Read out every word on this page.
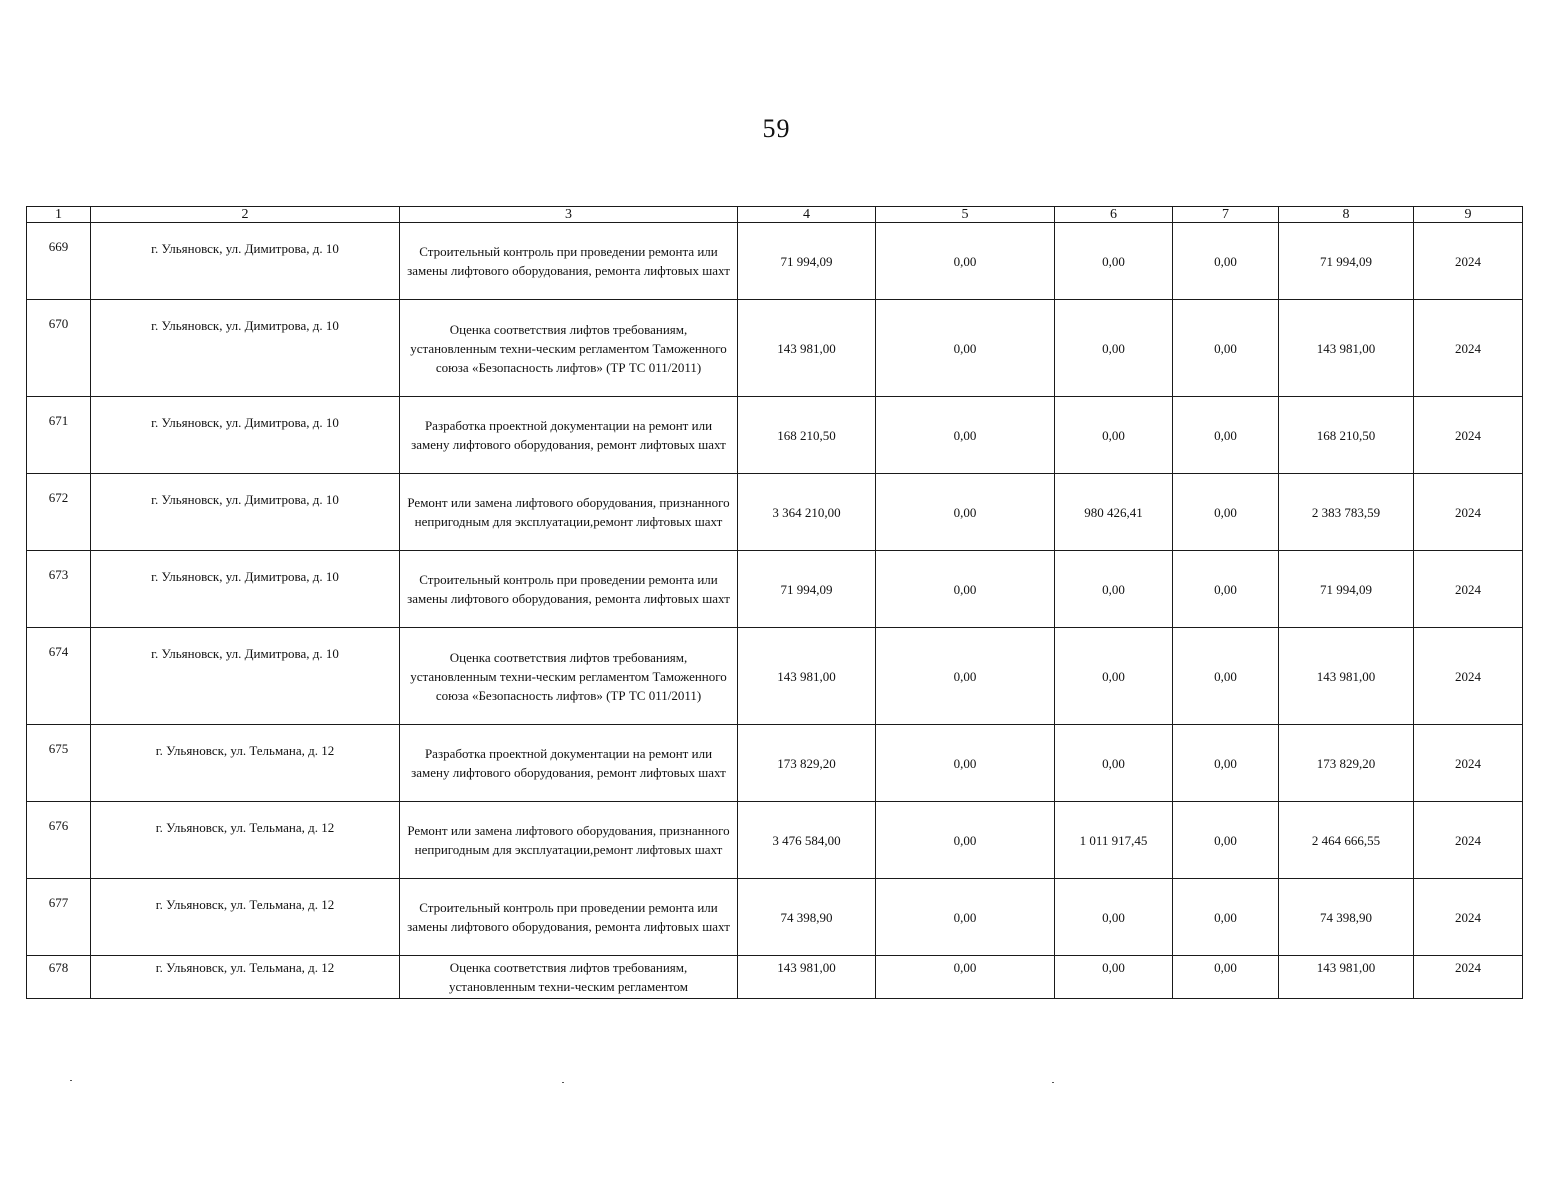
59
1	2	3	4	5	6	7	8	9
669	г. Ульяновск, ул. Димитрова, д. 10	Строительный контроль при проведении ремонта или замены лифтового оборудования, ремонта лифтовых шахт	71 994,09	0,00	0,00	0,00	71 994,09	2024
670	г. Ульяновск, ул. Димитрова, д. 10	Оценка соответствия лифтов требованиям, установленным техни-ческим регламентом Таможенного союза «Безопасность лифтов» (ТР ТС 011/2011)	143 981,00	0,00	0,00	0,00	143 981,00	2024
671	г. Ульяновск, ул. Димитрова, д. 10	Разработка проектной документации на ремонт или замену лифтового оборудования, ремонт лифтовых шахт	168 210,50	0,00	0,00	0,00	168 210,50	2024
672	г. Ульяновск, ул. Димитрова, д. 10	Ремонт или замена лифтового оборудования, признанного непригодным для эксплуатации,ремонт лифтовых шахт	3 364 210,00	0,00	980 426,41	0,00	2 383 783,59	2024
673	г. Ульяновск, ул. Димитрова, д. 10	Строительный контроль при проведении ремонта или замены лифтового оборудования, ремонта лифтовых шахт	71 994,09	0,00	0,00	0,00	71 994,09	2024
674	г. Ульяновск, ул. Димитрова, д. 10	Оценка соответствия лифтов требованиям, установленным техни-ческим регламентом Таможенного союза «Безопасность лифтов» (ТР ТС 011/2011)	143 981,00	0,00	0,00	0,00	143 981,00	2024
675	г. Ульяновск, ул. Тельмана, д. 12	Разработка проектной документации на ремонт или замену лифтового оборудования, ремонт лифтовых шахт	173 829,20	0,00	0,00	0,00	173 829,20	2024
676	г. Ульяновск, ул. Тельмана, д. 12	Ремонт или замена лифтового оборудования, признанного непригодным для эксплуатации,ремонт лифтовых шахт	3 476 584,00	0,00	1 011 917,45	0,00	2 464 666,55	2024
677	г. Ульяновск, ул. Тельмана, д. 12	Строительный контроль при проведении ремонта или замены лифтового оборудования, ремонта лифтовых шахт	74 398,90	0,00	0,00	0,00	74 398,90	2024
678	г. Ульяновск, ул. Тельмана, д. 12	Оценка соответствия лифтов требованиям, установленным техни-ческим регламентом	143 981,00	0,00	0,00	0,00	143 981,00	2024
